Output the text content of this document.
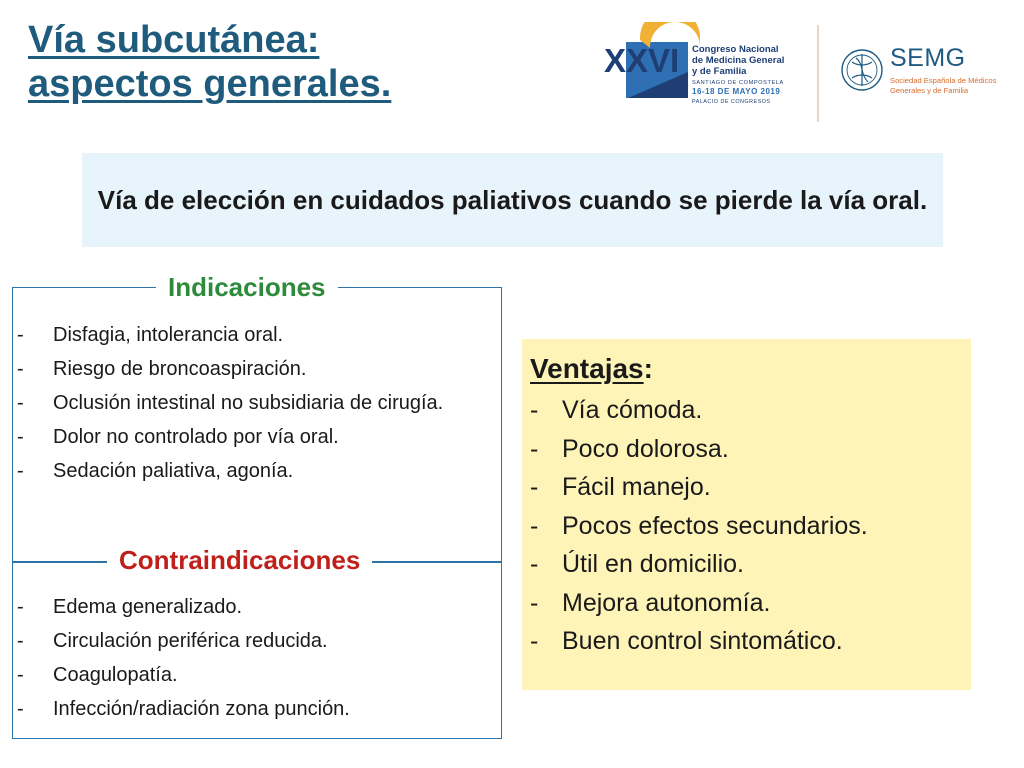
Vía subcutánea:
aspectos generales.
XXVI Congreso Nacional
de Medicina General
y de Familia
SANTIAGO DE COMPOSTELA
16-18 DE MAYO 2019
PALACIO DE CONGRESOS
SEMG
Sociedad Española de Médicos
Generales y de Familia

Vía de elección en cuidados paliativos cuando se pierde la vía oral.

Indicaciones
- Disfagia, intolerancia oral.
- Riesgo de broncoaspiración.
- Oclusión intestinal no subsidiaria de cirugía.
- Dolor no controlado por vía oral.
- Sedación paliativa, agonía.
Contraindicaciones
- Edema generalizado.
- Circulación periférica reducida.
- Coagulopatía.
- Infección/radiación zona punción.
Ventajas:
- Vía cómoda.
- Poco dolorosa.
- Fácil manejo.
- Pocos efectos secundarios.
- Útil en domicilio.
- Mejora autonomía.
- Buen control sintomático.
